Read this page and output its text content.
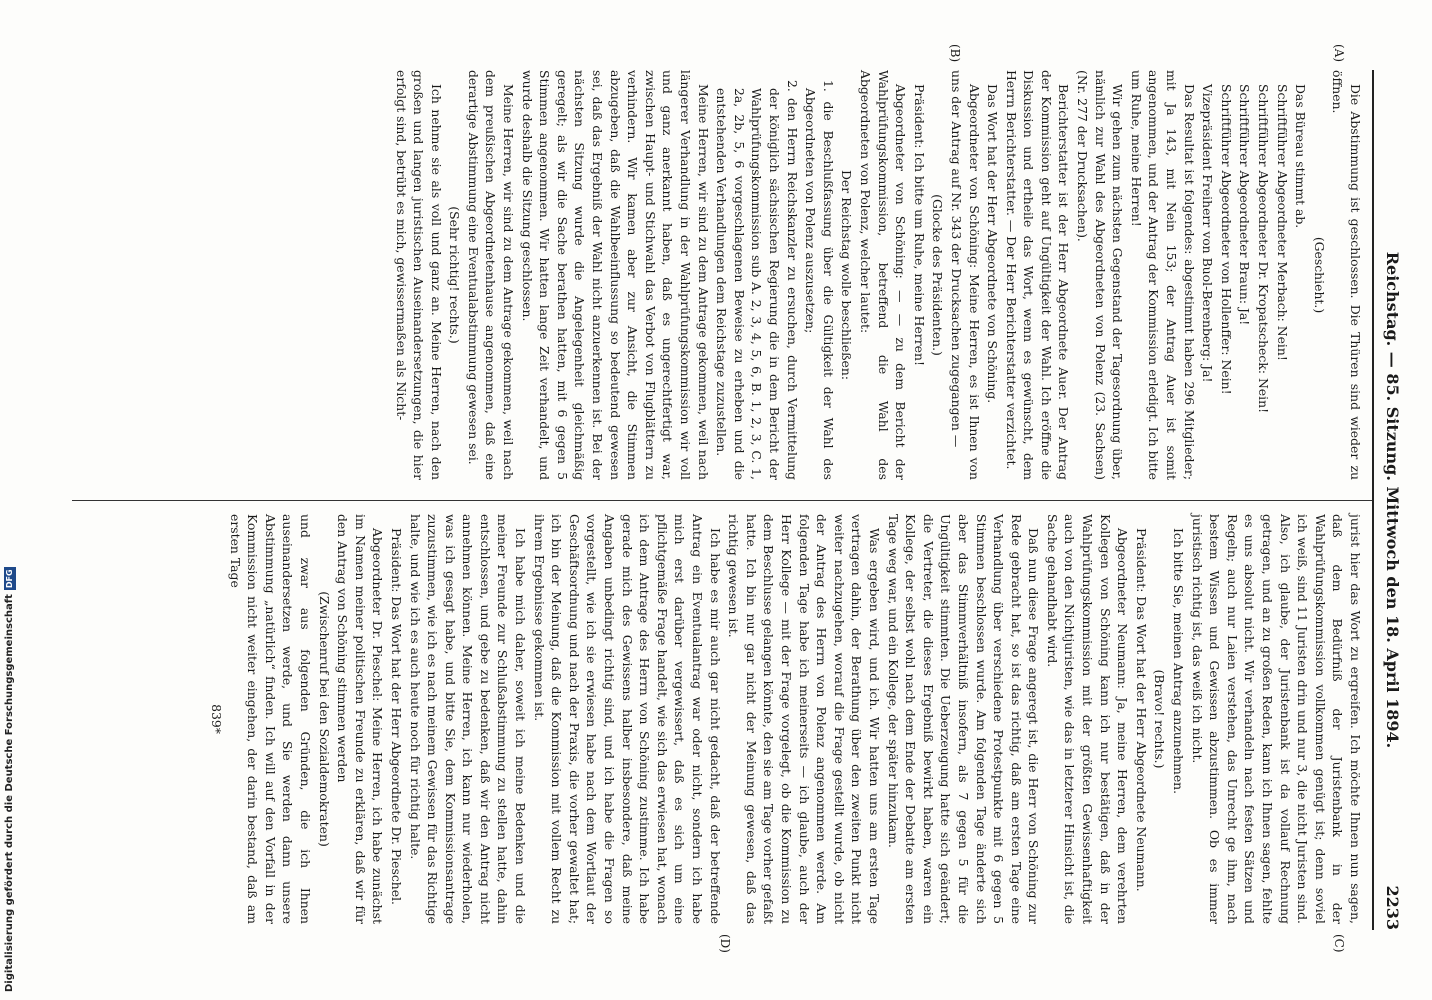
Reichstag. — 85. Sitzung. Mittwoch den 18. April 1894.
2233
(A)
(B)
(C)
(D)

Die Abstimmung ist geschlossen. Die Thüren sind wieder zu öffnen.

(Geschieht.)

Das Büreau stimmt ab.

Schriftführer Abgeordneter Merbach: Nein!

Schriftführer Abgeordneter Dr. Kropatscheck: Nein!

Schriftführer Abgeordneter Braun: Ja!

Schriftführer Abgeordneter von Hollenffer: Nein!

Vizepräsident Freiherr von Buol-Berenberg: Ja!

Das Resultat ist folgendes: abgestimmt haben 296 Mitglieder; mit Ja 143, mit Nein 153; der Antrag Auer ist somit angenommen, und der Antrag der Kommission erledigt. Ich bitte um Ruhe, meine Herren!

Wir gehen zum nächsten Gegenstand der Tagesordnung über, nämlich zur Wahl des Abgeordneten von Polenz (23. Sachsen) (Nr. 277 der Drucksachen).

Berichterstatter ist der Herr Abgeordnete Auer. Der Antrag der Kommission geht auf Ungültigkeit der Wahl. Ich eröffne die Diskussion und ertheile das Wort, wenn es gewünscht, dem Herrn Berichterstatter. — Der Herr Berichterstatter verzichtet.

Das Wort hat der Herr Abgeordnete von Schöning.

Abgeordneter von Schöning: Meine Herren, es ist Ihnen von uns der Antrag auf Nr. 343 der Drucksachen zugegangen —

(Glocke des Präsidenten.)

Präsident: Ich bitte um Ruhe, meine Herren!

Abgeordneter von Schöning: — — zu dem Bericht der Wahlprüfungskommission, betreffend die Wahl des Abgeordneten von Polenz, welcher lautet:

Der Reichstag wolle beschließen:

1. die Beschlußfassung über die Gültigkeit der Wahl des Abgeordneten von Polenz auszusetzen;

2. den Herrn Reichskanzler zu ersuchen, durch Vermittelung der königlich sächsischen Regierung die in dem Bericht der Wahlprüfungskommission sub A. 2, 3, 4, 5, 6, B. 1, 2, 3, C. 1, 2a, 2b, 5, 6 vorgeschlagenen Beweise zu erheben und die entstehenden Verhandlungen dem Reichstage zuzustellen.

Meine Herren, wir sind zu dem Antrage gekommen, weil nach längerer Verhandlung in der Wahlprüfungskommission wir voll und ganz anerkannt haben, daß es ungerechtfertigt war, zwischen Haupt- und Stichwahl das Verbot von Flugblättern zu verhindern. Wir kamen aber zur Ansicht, die Stimmen abzugeben, daß die Wahlbeeinflussung so bedeutend gewesen sei, daß das Ergebniß der Wahl nicht anzuerkennen ist. Bei der nächsten Sitzung wurde die Angelegenheit gleichmäßig geregelt; als wir die Sache berathen hatten, mit 6 gegen 5 Stimmen angenommen. Wir hatten lange Zeit verhandelt, und wurde deshalb die Sitzung geschlossen.

Meine Herren, wir sind zu dem Antrage gekommen, weil nach dem preußischen Abgeordnetenhause angenommen, daß eine derartige Abstimmung eine Eventualabstimmung gewesen sei.

(Sehr richtig! rechts.)

Ich nehme sie als voll und ganz an. Meine Herren, nach den großen und langen juristischen Auseinandersetzungen, die hier erfolgt sind, betrübt es mich, gewissermaßen als Nicht-

jurist hier das Wort zu ergreifen. Ich möchte Ihnen nun sagen, daß dem Bedürfniß der Juristenbank in der Wahlprüfungskommission vollkommen genügt ist; denn soviel ich weiß, sind 11 Juristen drin und nur 3, die nicht Juristen sind. Also, ich glaube, der Juristenbank ist da vollauf Rechnung getragen, und an zu großen Reden, kann ich Ihnen sagen, fehlte es uns absolut nicht. Wir verhandeln nach festen Sätzen und Regeln; auch nur Laien verstehen, das Unrecht ge ihm, nach bestem Wissen und Gewissen abzustimmen. Ob es immer juristisch richtig ist, das weiß ich nicht.

Ich bitte Sie, meinen Antrag anzunehmen.

(Bravo! rechts.)

Präsident: Das Wort hat der Herr Abgeordnete Neumann.

Abgeordneter Neumann: Ja, meine Herren, dem verehrten Kollegen von Schöning kann ich nur bestätigen, daß in der Wahlprüfungskommission mit der größten Gewissenhaftigkeit auch von den Nichtjuristen, wie das in letzterer Hinsicht ist, die Sache gehandhabt wird.

Daß nun diese Frage angeregt ist, die Herr von Schöning zur Rede gebracht hat, so ist das richtig, daß am ersten Tage eine Verhandlung über verschiedene Protestpunkte mit 6 gegen 5 Stimmen beschlossen wurde. Am folgenden Tage änderte sich aber das Stimmverhältniß insofern, als 7 gegen 5 für die Ungültigkeit stimmten. Die Ueberzeugung hatte sich geändert; die Vertreter, die dieses Ergebniß bewirkt haben, waren ein Kollege, der selbst wohl nach dem Ende der Debatte am ersten Tage weg war, und ein Kollege, der später hinzukam.

Was ergeben wird, und ich. Wir hatten uns am ersten Tage vertragen dahin, der Berathung über den zweiten Punkt nicht weiter nachzugehen, worauf die Frage gestellt wurde, ob nicht der Antrag des Herrn von Polenz angenommen werde. Am folgenden Tage habe ich meinerseits — ich glaube, auch der Herr Kollege — mit der Frage vorgelegt, ob die Kommission zu dem Beschlusse gelangen könnte, den sie am Tage vorher gefaßt hatte. Ich bin nur gar nicht der Meinung gewesen, daß das richtig gewesen ist.

Ich habe es mir auch gar nicht gedacht, daß der betreffende Antrag ein Eventualantrag war oder nicht, sondern ich habe mich erst darüber vergewissert, daß es sich um eine pflichtgemäße Frage handelt, wie sich das erwiesen hat, wonach ich dem Antrage des Herrn von Schöning zustimme. Ich habe gerade mich des Gewissens halber insbesondere, daß meine Angaben unbedingt richtig sind, und ich habe die Fragen so vorgestellt, wie ich sie erwiesen habe nach dem Wortlaut der Geschäftsordnung und nach der Praxis, die vorher gewaltet hat; ich bin der Meinung, daß die Kommission mit vollem Recht zu ihrem Ergebnisse gekommen ist.

Ich habe mich daher, soweit ich meine Bedenken und die meiner Freunde zur Schlußabstimmung zu stellen hatte, dahin entschlossen, und gebe zu bedenken, daß wir den Antrag nicht annehmen können. Meine Herren, ich kann nur wiederholen, was ich gesagt habe, und bitte Sie, dem Kommissionsantrage zuzustimmen, wie ich es nach meinem Gewissen für das Richtige halte, und wie ich es auch heute noch für richtig halte.

Präsident: Das Wort hat der Herr Abgeordnete Dr. Pieschel.

Abgeordneter Dr. Pieschel: Meine Herren, ich habe zunächst im Namen meiner politischen Freunde zu erklären, daß wir für den Antrag von Schöning stimmen werden

(Zwischenruf bei den Sozialdemokraten)

und zwar aus folgenden Gründen, die ich Ihnen auseinandersetzen werde, und Sie werden dann unsere Abstimmung „natürlich“ finden. Ich will auf den Vorfall in der Kommission nicht weiter eingehen, der darin bestand, daß am ersten Tage

839*

Digitalisierung gefördert durch die Deutsche ForschungsgemeinschaftDFG
